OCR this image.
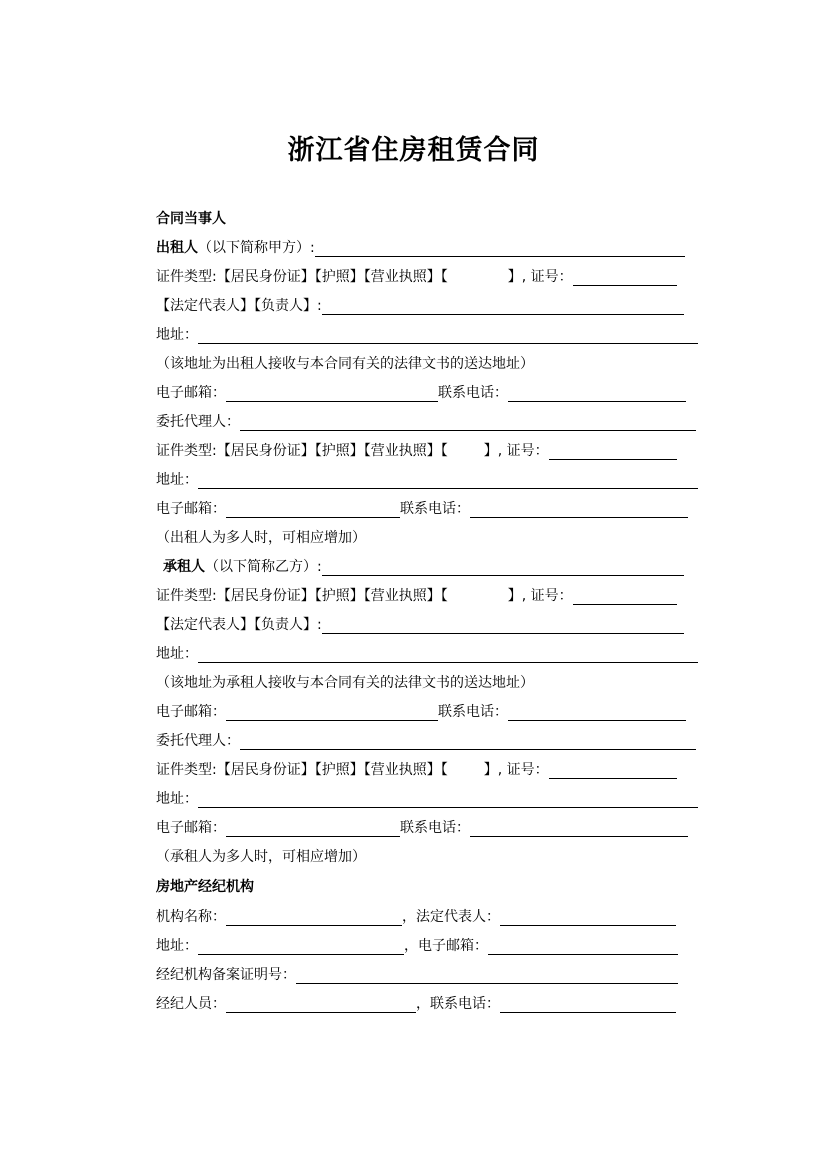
浙江省住房租赁合同
合同当事人
出租人 （以下简称甲方）:
证件类型: 【居民身份证】【护照】【营业执照】【	】, 证号：
【法定代表人】【负责人】:
地址：
（该地址为出租人接收与本合同有关的法律文书的送达地址）
电子邮箱：	联系电话：
委托代理人：
证件类型: 【居民身份证】【护照】【营业执照】【	】, 证号：
地址：
电子邮箱：	联系电话：
（出租人为多人时，可相应增加）
承租人 （以下简称乙方）:
证件类型: 【居民身份证】【护照】【营业执照】【	】, 证号：
【法定代表人】【负责人】:
地址：
（该地址为承租人接收与本合同有关的法律文书的送达地址）
电子邮箱：	联系电话：
委托代理人：
证件类型: 【居民身份证】【护照】【营业执照】【	】, 证号：
地址：
电子邮箱：	联系电话：
（承租人为多人时，可相应增加）
房地产经纪机构
机构名称：	，法定代表人：
地址：	，电子邮箱：
经纪机构备案证明号：
经纪人员：	，联系电话：
